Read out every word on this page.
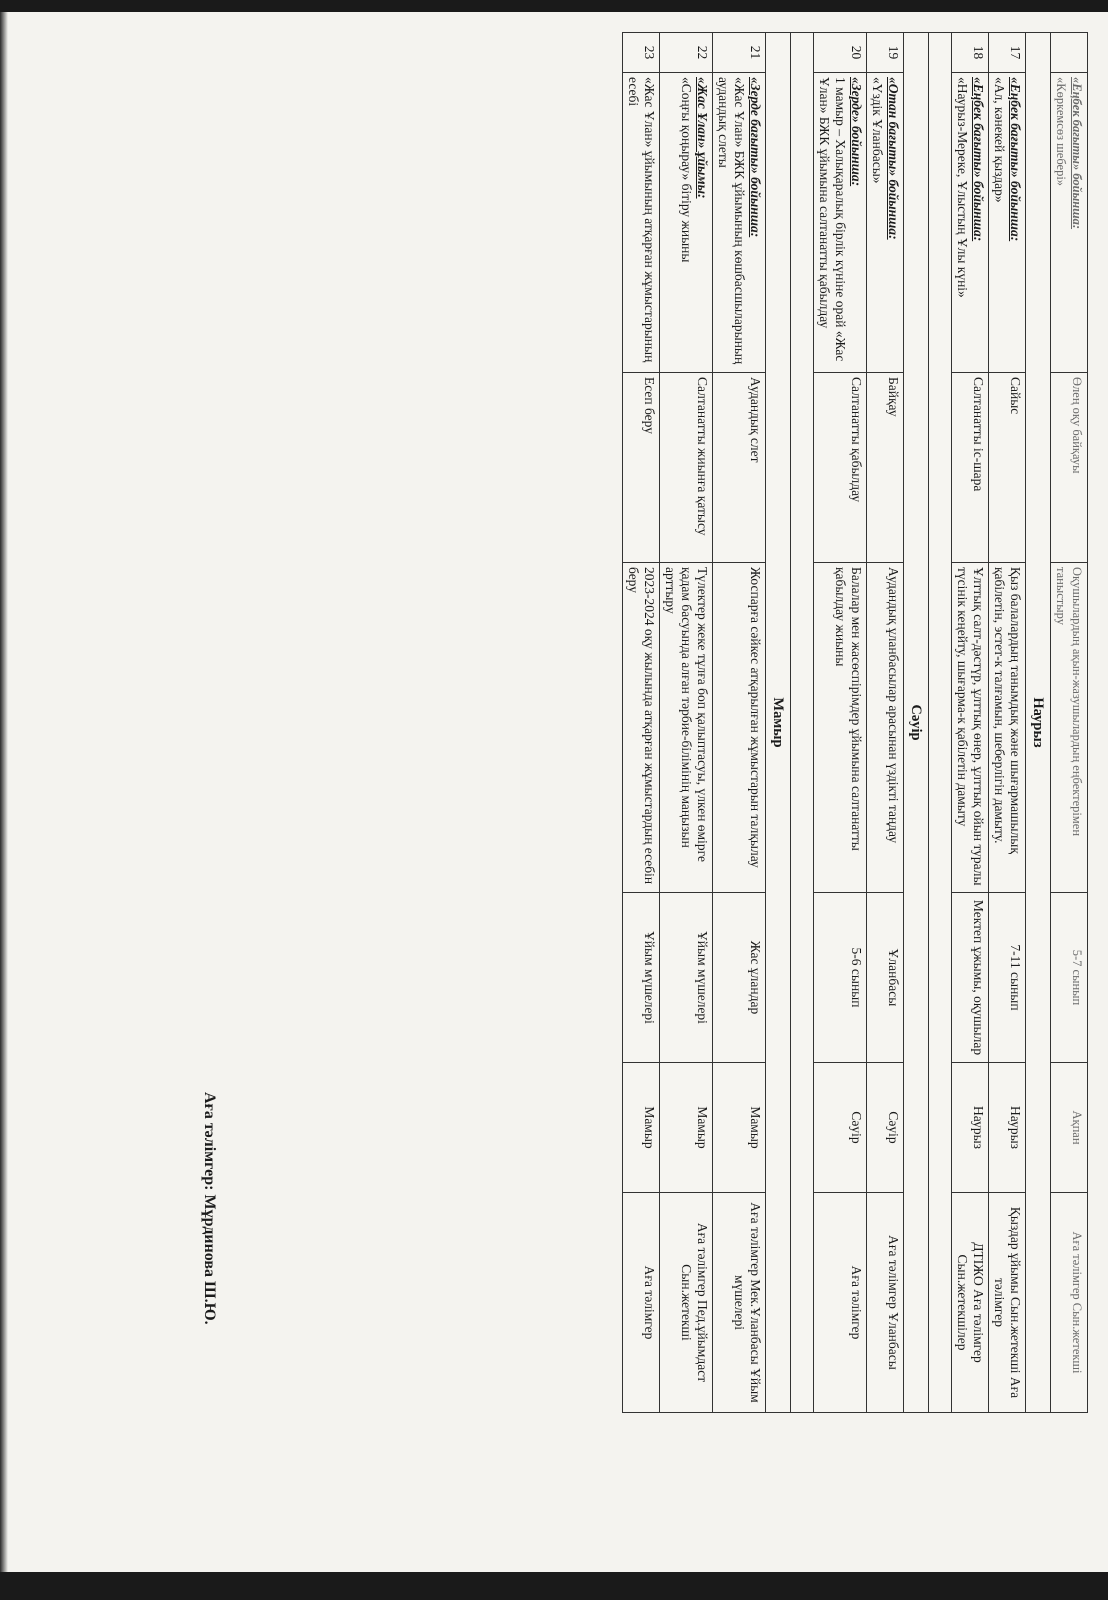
	«Еңбек бағыты» бойынша:
«Көркемсөз шебері»	Өлең оқу байқауы	Оқушылардың ақын-жазушылардың еңбектерімен таныстыру	5-7 сынып	Ақпан	Аға тәлімгер Сын.жетекші
Наурыз						
17	«Еңбек бағыты» бойынша:
«Ал, кәнекей қыздар»	Сайыс	Қыз балалардың танымдық және шығармашылық қабілетін, эстет-к талғамын, шеберлігін дамыту.	7-11 сынып	Наурыз	Қыздар ұйымы Сын.жетекші Аға тәлімгер
18	«Еңбек бағыты» бойынша:
«Наурыз-Мереке, Ұлыстың Ұлы күні»	Салтанатты іс-шара	Ұлттық салт-дәстүр, ұлттық өнер, ұлттық ойын туралы түсінік кеңейту, шығарма-к қабілетін дамыту	Мектеп ұжымы, оқушылар	Наурыз	ДТІЖО Аға тәлімгер Сын.жетекшілер

Сәуір						
19	«Отан бағыты» бойынша:
«Үздік Ұланбасы»	Байқау	Аудандық ұланбасылар арасынан үздікті таңдау	Ұланбасы	Сәуір	Аға тәлімгер Ұланбасы
20	«Зерде» бойынша:
1 мамыр – Халықаралық бірлік күніне орай «Жас Ұлан» БЖК ұйымына салтанатты қабылдау	Салтанатты қабылдау	Балалар мен жасөспірімдер ұйымына салтанатты қабылдау жиыны	5-6 сынып	Сәуір	Аға тәлімгер

Мамыр						
21	«Зерде бағыты» бойынша:
«Жас Ұлан» БЖК ұйымының көшбасшыларының аудандық слеты	Аудандық слет	Жоспарға сәйкес атқарылған жұмыстарын талқылау	Жас ұландар	Мамыр	Аға тәлімгер Мек.Ұланбасы Ұйым мүшелері
22	«Жас Ұлан» ұйымы:
«Соңғы қоңырау» бітіру жиыны	Салтанатты жиынға қатысу	Түлектер жеке тұлға боп қалыптасуы, үлкен өмірге қадам басуында алған тәрбие-білімінің маңызын арттыру	Ұйым мүшелері	Мамыр	Аға тәлімгер Пед.ұйымдаст Сын.жетекші
23	«Жас Ұлан» ұйымының атқарған жұмыстарының есебі	Есеп беру	2023-2024 оқу жылында атқарған жұмыстардың есебін беру	Ұйым мүшелері	Мамыр	Аға тәлімгер
Аға тәлімгер: Мұрдинова Ш.Ю.
